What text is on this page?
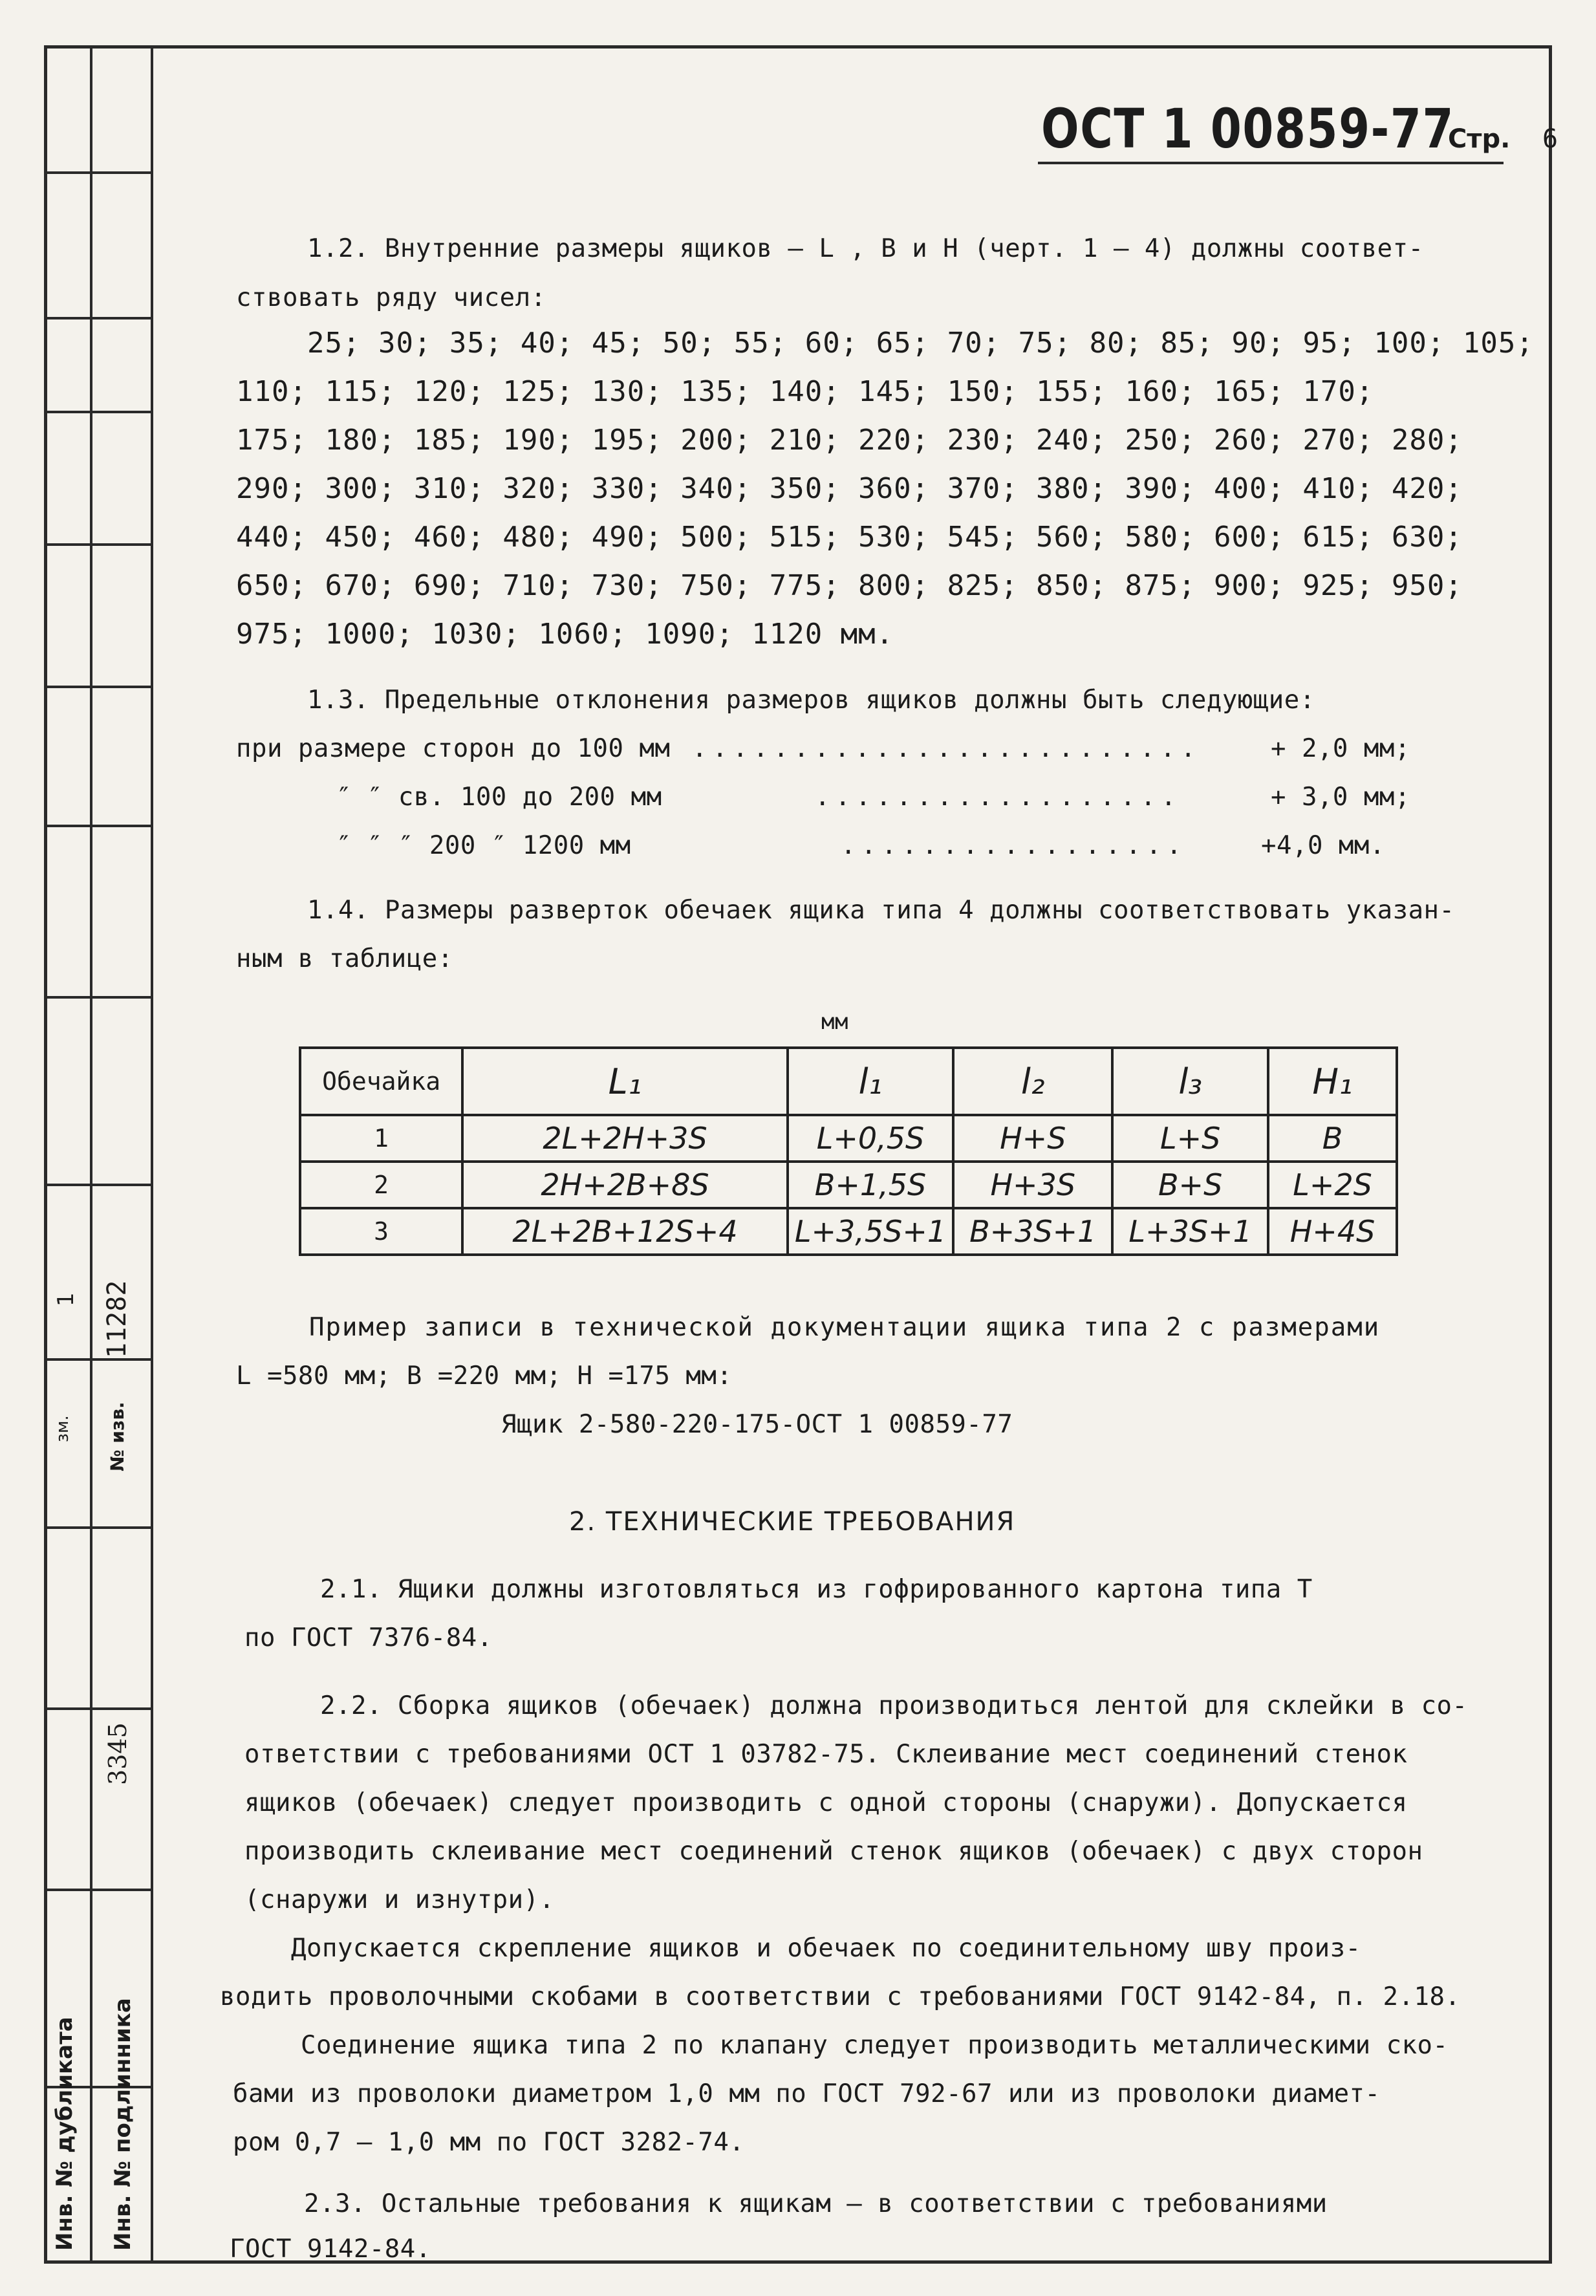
1
зм.
11282
№ изв.
3345
Инв. № дубликата Инв. № подлинника
ОСТ 1 00859-77 Стр. 6
1.2. Внутренние размеры ящиков – L , В и Н (черт. 1 – 4) должны соответ-
ствовать ряду чисел:
25; 30; 35; 40; 45; 50; 55; 60; 65; 70; 75; 80; 85; 90; 95; 100; 105;
110; 115; 120; 125; 130; 135; 140; 145; 150; 155; 160; 165; 170;
175; 180; 185; 190; 195; 200; 210; 220; 230; 240; 250; 260; 270; 280;
290; 300; 310; 320; 330; 340; 350; 360; 370; 380; 390; 400; 410; 420;
440; 450; 460; 480; 490; 500; 515; 530; 545; 560; 580; 600; 615; 630;
650; 670; 690; 710; 730; 750; 775; 800; 825; 850; 875; 900; 925; 950;
975; 1000; 1030; 1060; 1090; 1120 мм.
1.3. Предельные отклонения размеров ящиков должны быть следующие:
при размере сторон до 100 мм .........................	+ 2,0 мм;
″ ″ св. 100 до 200 мм	..................	+ 3,0 мм;
″ ″ ″ 200 ″ 1200 мм	.................	+4,0 мм.
1.4. Размеры разверток обечаек ящика типа 4 должны соответствовать указан-
ным в таблице:
мм
Обечайка	L₁	l₁	l₂	l₃	H₁
1	2L+2H+3S	L+0,5S	H+S	L+S	B
2	2H+2B+8S	B+1,5S	H+3S	B+S	L+2S
3	2L+2B+12S+4	L+3,5S+1	B+3S+1	L+3S+1	H+4S
Пример записи в технической документации ящика типа 2 с размерами
L =580 мм; B =220 мм; H =175 мм:
Ящик 2-580-220-175-ОСТ 1 00859-77
2. ТЕХНИЧЕСКИЕ ТРЕБОВАНИЯ
2.1. Ящики должны изготовляться из гофрированного картона типа Т
по ГОСТ 7376-84.
2.2. Сборка ящиков (обечаек) должна производиться лентой для склейки в со-
ответствии с требованиями ОСТ 1 03782-75. Склеивание мест соединений стенок
ящиков (обечаек) следует производить с одной стороны (снаружи). Допускается
производить склеивание мест соединений стенок ящиков (обечаек) с двух сторон
(снаружи и изнутри).
Допускается скрепление ящиков и обечаек по соединительному шву произ-
водить проволочными скобами в соответствии с требованиями ГОСТ 9142-84, п. 2.18.
Соединение ящика типа 2 по клапану следует производить металлическими ско-
бами из проволоки диаметром 1,0 мм по ГОСТ 792-67 или из проволоки диамет-
ром 0,7 – 1,0 мм по ГОСТ 3282-74.
2.3. Остальные требования к ящикам – в соответствии с требованиями
ГОСТ 9142-84.
